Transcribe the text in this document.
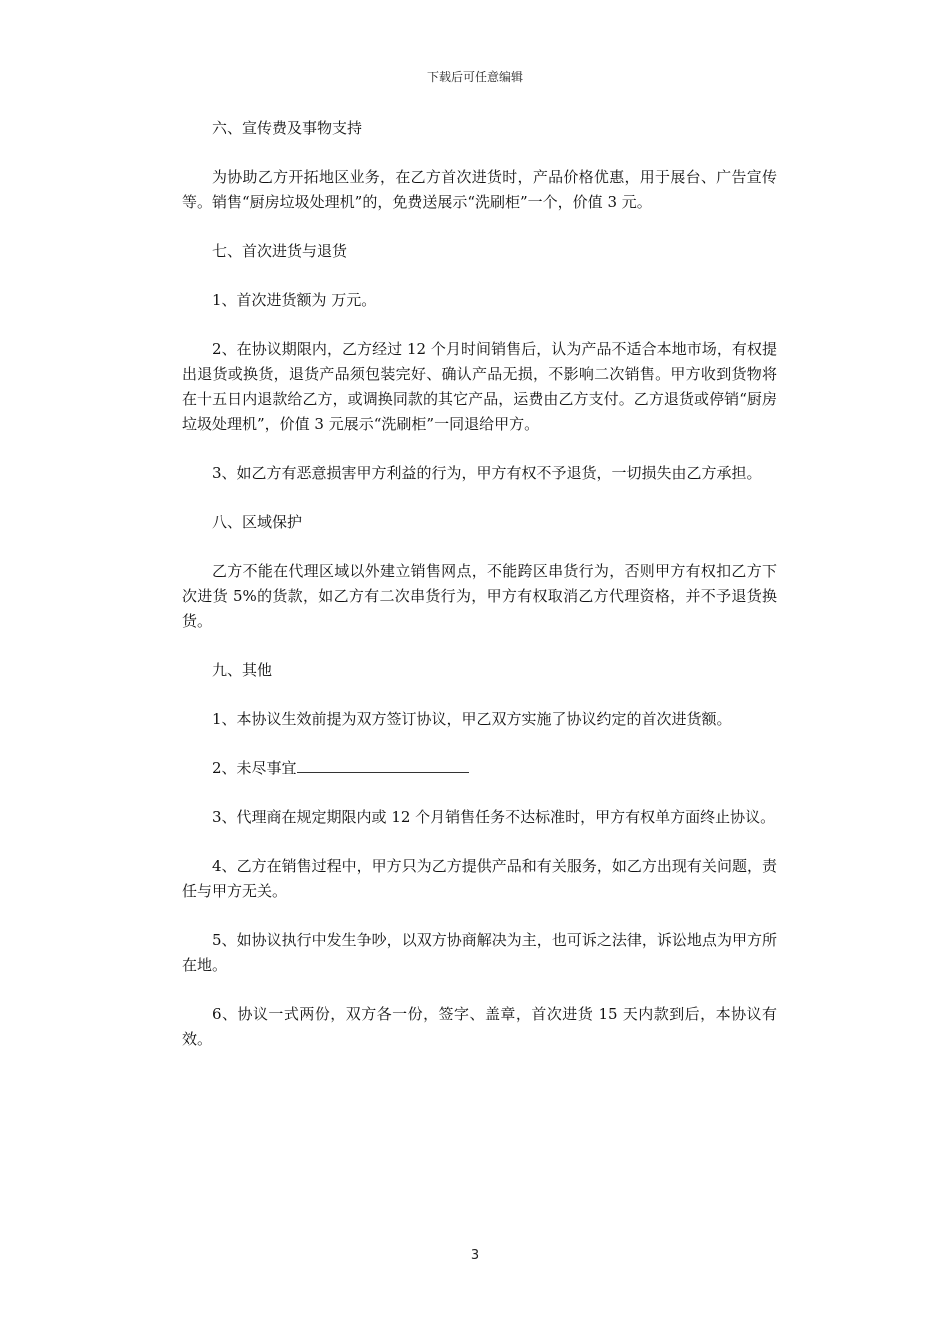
下载后可任意编辑

六、宣传费及事物支持

为协助乙方开拓地区业务，在乙方首次进货时，产品价格优惠，用于展台、广告宣传等。销售“厨房垃圾处理机”的，免费送展示“洗刷柜”一个，价值 3 元。

七、首次进货与退货

1、首次进货额为 万元。

2、在协议期限内，乙方经过 12 个月时间销售后，认为产品不适合本地市场，有权提出退货或换货，退货产品须包装完好、确认产品无损，不影响二次销售。甲方收到货物将在十五日内退款给乙方，或调换同款的其它产品，运费由乙方支付。乙方退货或停销“厨房垃圾处理机”，价值 3 元展示“洗刷柜”一同退给甲方。

3、如乙方有恶意损害甲方利益的行为，甲方有权不予退货，一切损失由乙方承担。

八、区域保护

乙方不能在代理区域以外建立销售网点，不能跨区串货行为，否则甲方有权扣乙方下次进货 5%的货款，如乙方有二次串货行为，甲方有权取消乙方代理资格，并不予退货换货。

九、其他

1、本协议生效前提为双方签订协议，甲乙双方实施了协议约定的首次进货额。

2、未尽事宜

3、代理商在规定期限内或 12 个月销售任务不达标准时，甲方有权单方面终止协议。

4、乙方在销售过程中，甲方只为乙方提供产品和有关服务，如乙方出现有关问题，责任与甲方无关。

5、如协议执行中发生争吵，以双方协商解决为主，也可诉之法律，诉讼地点为甲方所在地。

6、协议一式两份，双方各一份，签字、盖章，首次进货 15 天内款到后，本协议有效。

3
